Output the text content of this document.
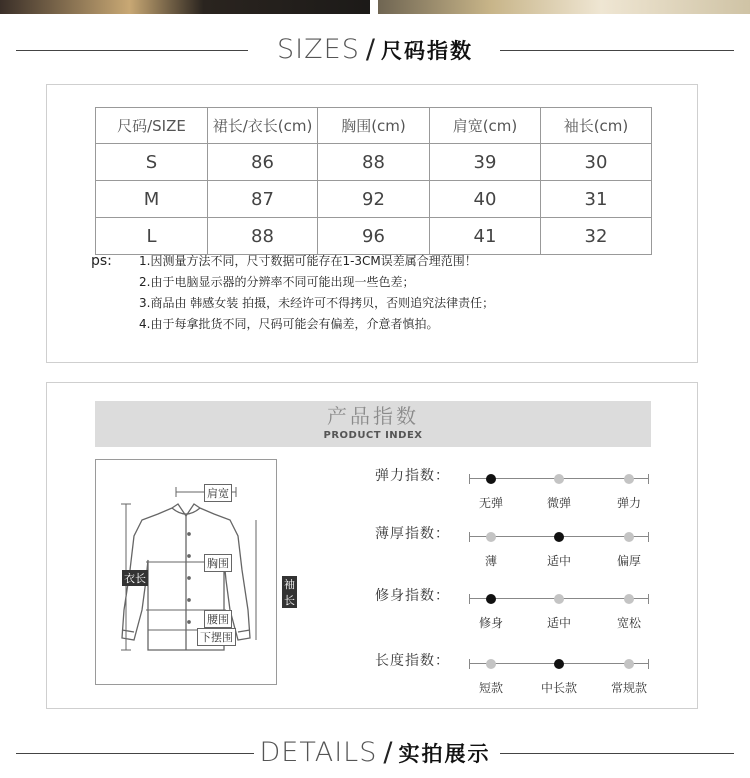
SIZES / 尺码指数
尺码/SIZE	裙长/衣长(cm)	胸围(cm)	肩宽(cm)	袖长(cm)
S	86	88	39	30
M	87	92	40	31
L	88	96	41	32
ps: 1.因测量方法不同，尺寸数据可能存在1-3CM误差属合理范围！
2.由于电脑显示器的分辨率不同可能出现一些色差；
3.商品由 韩感女装 拍摄，未经许可不得拷贝，否则追究法律责任；
4.由于每拿批货不同，尺码可能会有偏差，介意者慎拍。
产品指数
PRODUCT INDEX
肩宽
胸围
衣长	袖长
腰围
下摆围
弹力指数：
无弹	微弹	弹力
薄厚指数：
薄	适中	偏厚
修身指数：
修身	适中	宽松
长度指数：
短款	中长款	常规款
DETAILS / 实拍展示
